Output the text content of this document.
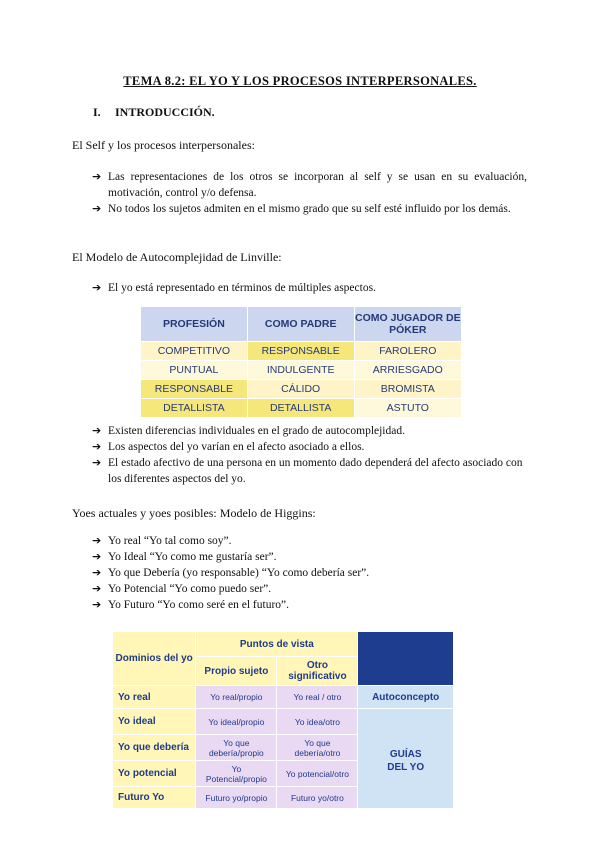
TEMA 8.2: EL YO Y LOS PROCESOS INTERPERSONALES.
I. INTRODUCCIÓN.
El Self y los procesos interpersonales:
➔ Las representaciones de los otros se incorporan al self y se usan en su evaluación, motivación, control y/o defensa.
➔ No todos los sujetos admiten en el mismo grado que su self esté influido por los demás.
El Modelo de Autocomplejidad de Linville:
➔ El yo está representado en términos de múltiples aspectos.
PROFESIÓN	COMO PADRE	COMO JUGADOR DE PÓKER
COMPETITIVO	RESPONSABLE	FAROLERO
PUNTUAL	INDULGENTE	ARRIESGADO
RESPONSABLE	CÁLIDO	BROMISTA
DETALLISTA	DETALLISTA	ASTUTO
➔ Existen diferencias individuales en el grado de autocomplejidad.
➔ Los aspectos del yo varían en el afecto asociado a ellos.
➔ El estado afectivo de una persona en un momento dado dependerá del afecto asociado con los diferentes aspectos del yo.
Yoes actuales y yoes posibles: Modelo de Higgins:
➔ Yo real “Yo tal como soy”.
➔ Yo Ideal “Yo como me gustaría ser”.
➔ Yo que Debería (yo responsable) “Yo como debería ser”.
➔ Yo Potencial “Yo como puedo ser”.
➔ Yo Futuro “Yo como seré en el futuro”.
Dominios del yo	Puntos de vista		
	Propio sujeto	Otro significativo	
Yo real	Yo real/propio	Yo real / otro	Autoconcepto
Yo ideal	Yo ideal/propio	Yo idea/otro	GUÍAS DEL YO

Yo que debería	Yo que debería/propio	Yo que debería/otro	

Yo potencial	Yo Potencial/propio	Yo potencial/otro	
Futuro Yo	Futuro yo/propio	Futuro yo/otro	
